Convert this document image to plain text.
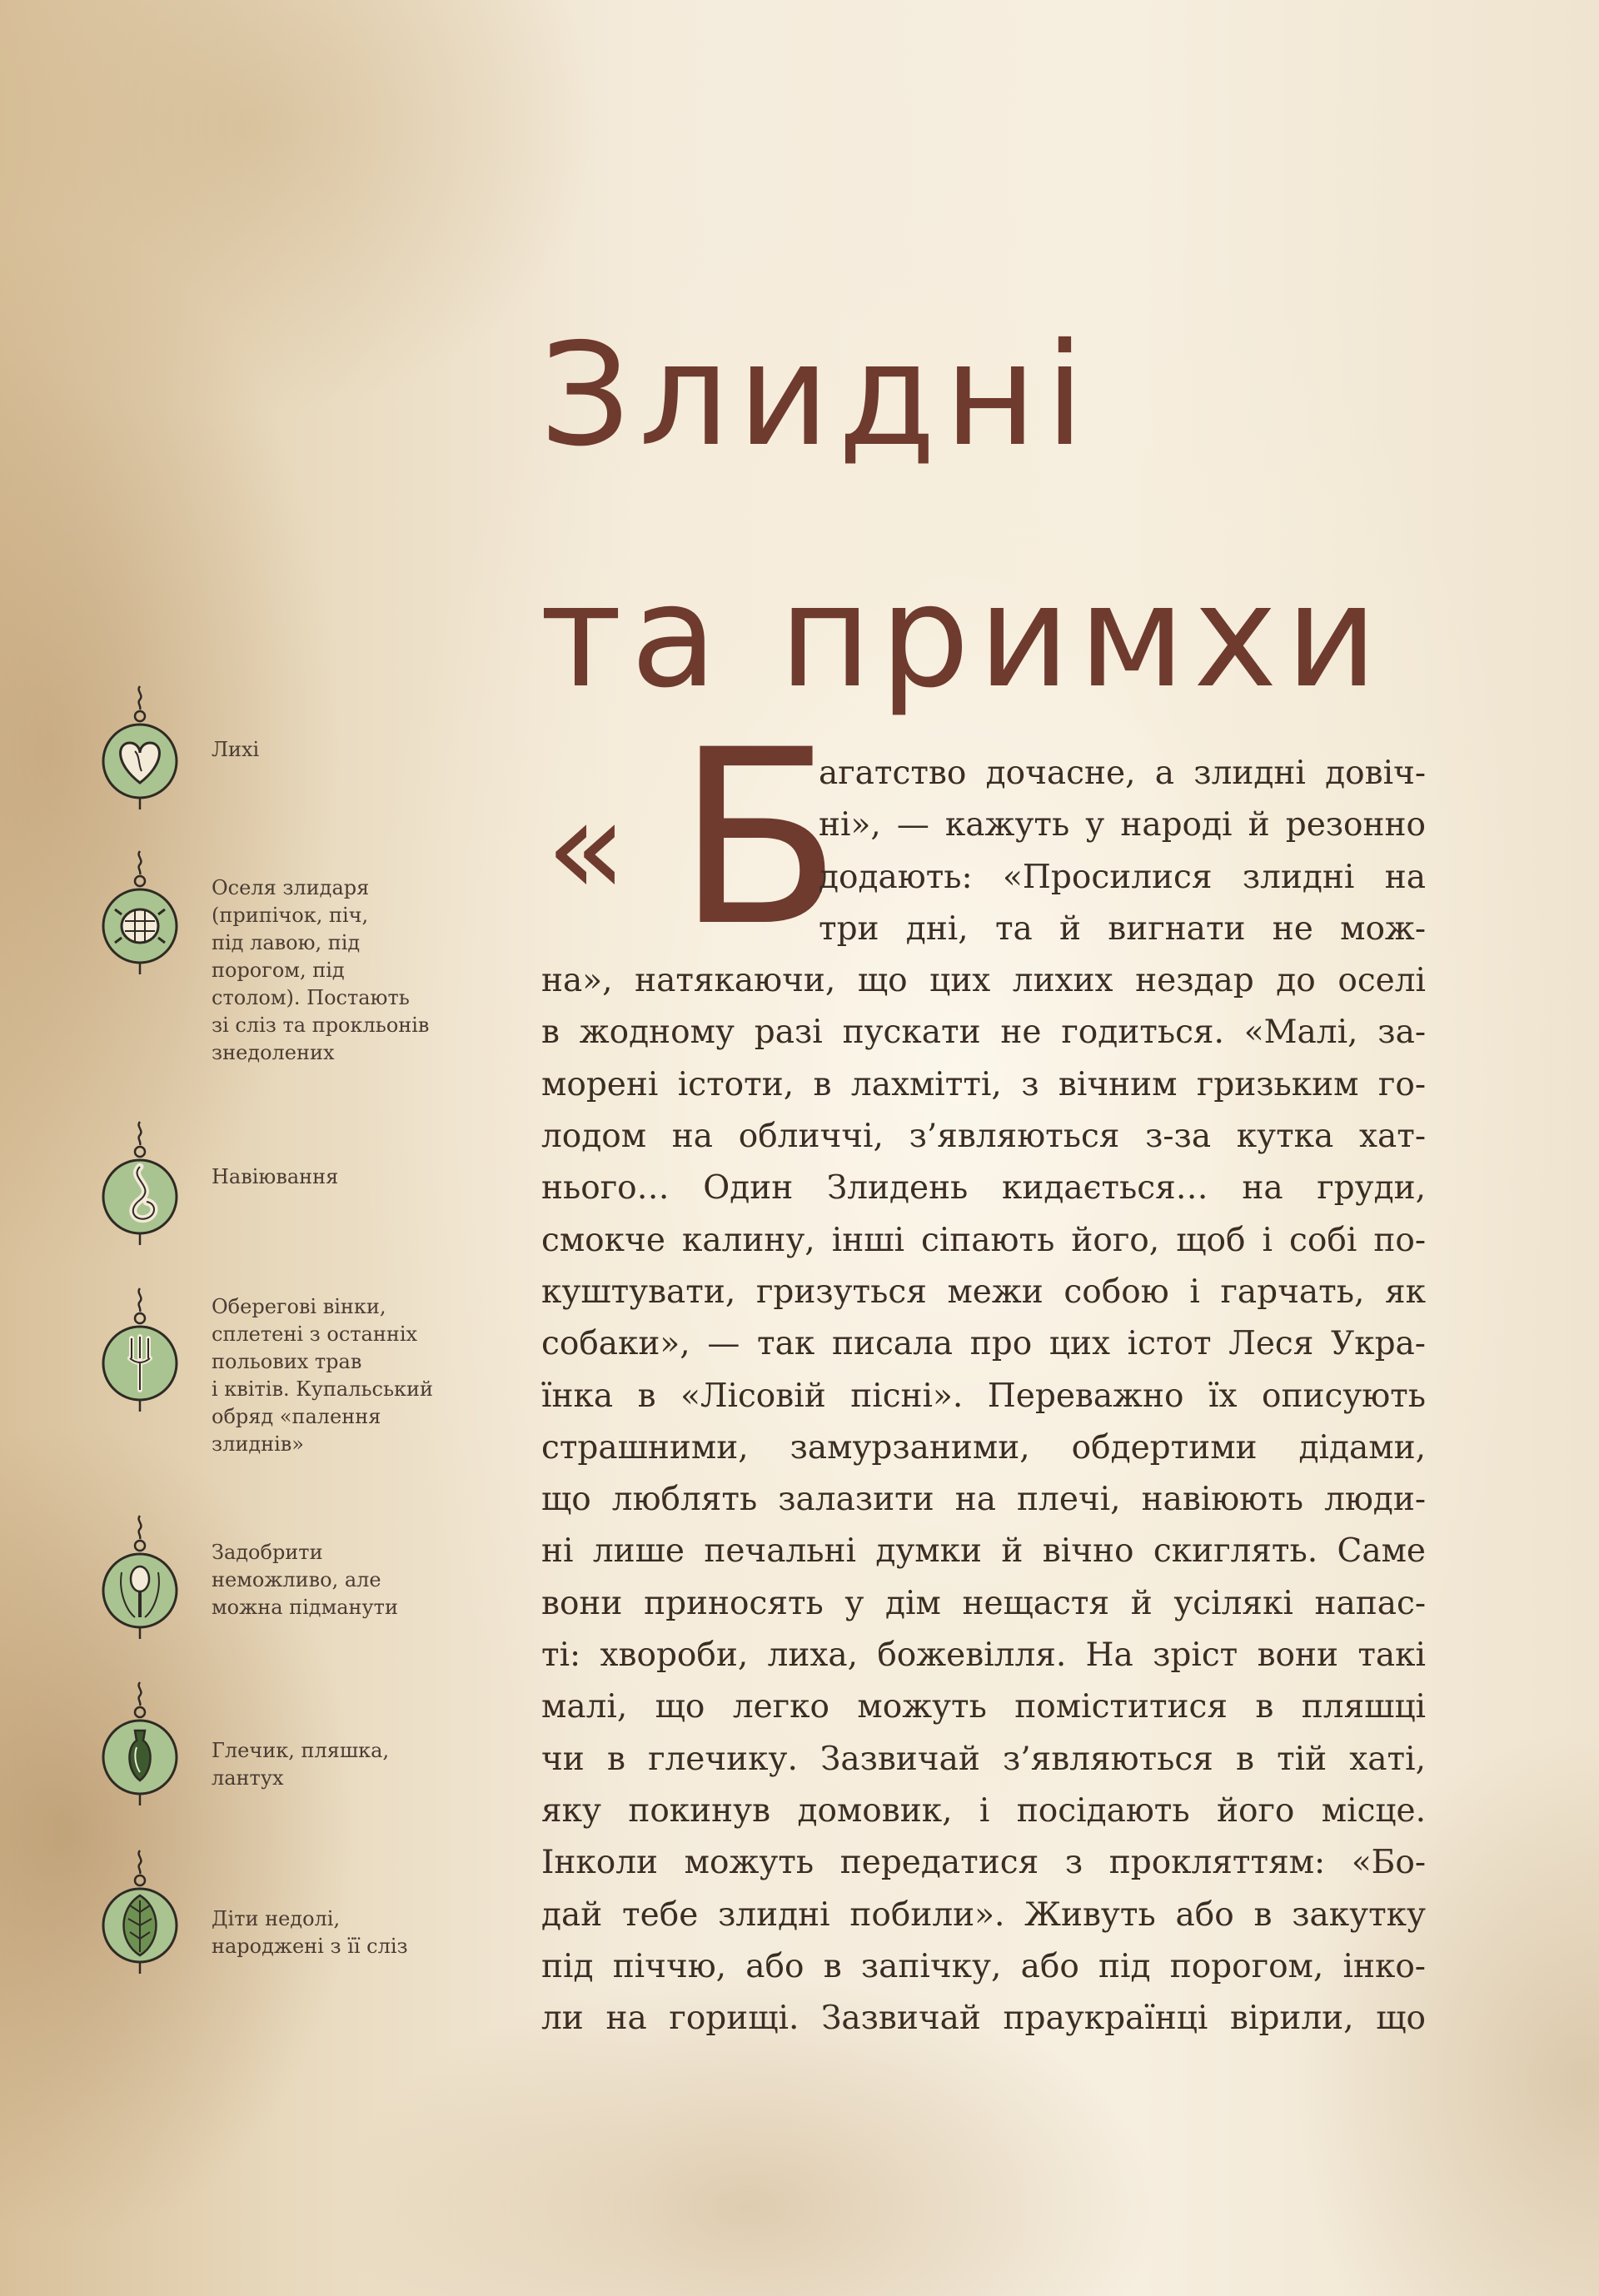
Злидні
та примхи
« Б
агатство дочасне, а злидні довіч-
ні», — кажуть у народі й резонно
додають: «Просилися злидні на
три дні, та й вигнати не мож-
на», натякаючи, що цих лихих нездар до оселі
в жодному разі пускати не годиться. «Малі, за-
морені істоти, в лахмітті, з вічним гризьким го-
лодом на обличчі, з’являються з-за кутка хат-
нього… Один Злидень кидається… на груди,
смокче калину, інші сіпають його, щоб і собі по-
куштувати, гризуться межи собою і гарчать, як
собаки», — так писала про цих істот Леся Укра-
їнка в «Лісовій пісні». Переважно їх описують
страшними, замурзаними, обдертими дідами,
що люблять залазити на плечі, навіюють люди-
ні лише печальні думки й вічно скиглять. Саме
вони приносять у дім нещастя й усілякі напас-
ті: хвороби, лиха, божевілля. На зріст вони такі
малі, що легко можуть поміститися в пляшці
чи в глечику. Зазвичай з’являються в тій хаті,
яку покинув домовик, і посідають його місце.
Інколи можуть передатися з прокляттям: «Бо-
дай тебе злидні побили». Живуть або в закутку
під піччю, або в запічку, або під порогом, інко-
ли на горищі. Зазвичай праукраїнці вірили, що

Лихі

Оселя злидаря
(припічок, піч,
під лавою, під
порогом, під
столом). Постають
зі сліз та прокльонів
знедолених

Навіювання

Оберегові вінки,
сплетені з останніх
польових трав
і квітів. Купальський
обряд «палення
злиднів»

Задобрити
неможливо, але
можна підманути

Глечик, пляшка,
лантух

Діти недолі,
народжені з її сліз
